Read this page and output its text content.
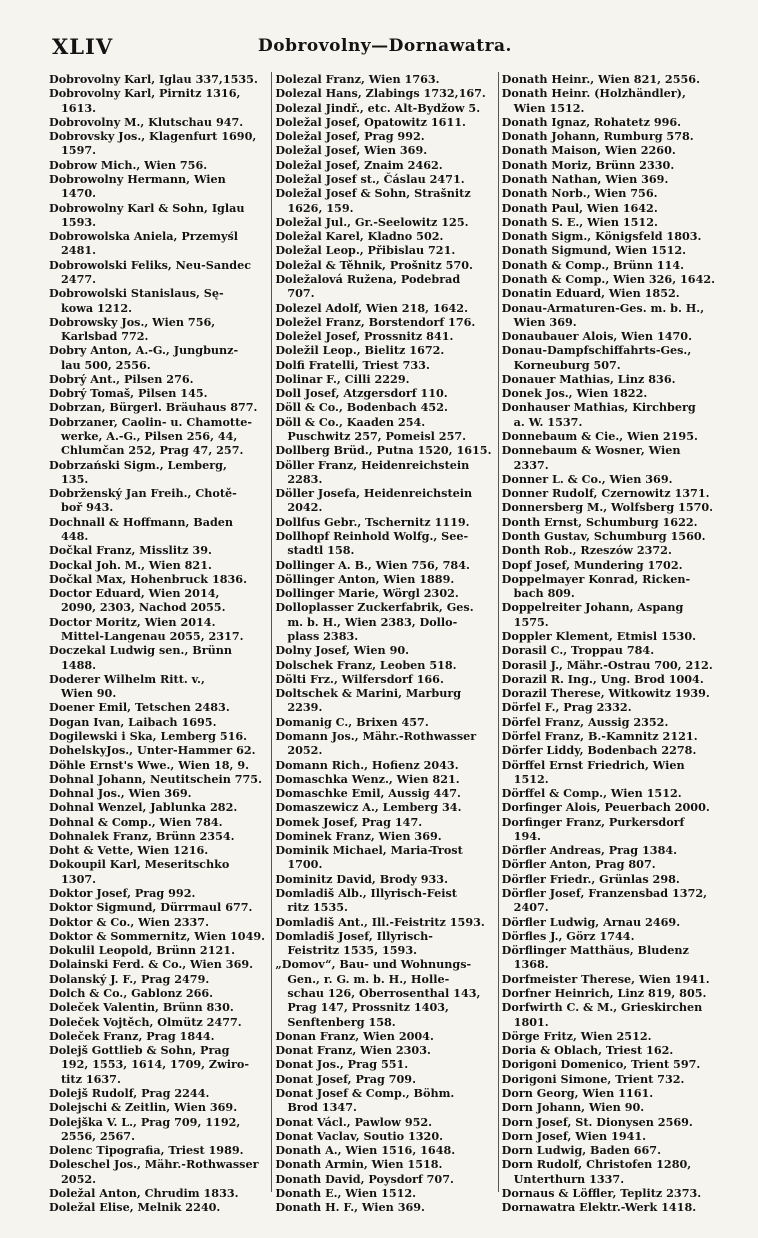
XLIV	Dobrovolny—Dornawatra.
Dobrovolny Karl, Iglau 337,1535.
Dobrovolny Karl, Pirnitz 1316,
1613.
Dobrovolny M., Klutschau 947.
Dobrovsky Jos., Klagenfurt 1690,
1597.
Dobrow Mich., Wien 756.
Dobrowolny Hermann, Wien
1470.
Dobrowolny Karl & Sohn, Iglau
1593.
Dobrowolska Aniela, Przemyśl
2481.
Dobrowolski Feliks, Neu-Sandec
2477.
Dobrowolski Stanislaus, Sę-
kowa 1212.
Dobrowsky Jos., Wien 756,
Karlsbad 772.
Dobry Anton, A.-G., Jungbunz-
lau 500, 2556.
Dobrý Ant., Pilsen 276.
Dobrý Tomaš, Pilsen 145.
Dobrzan, Bürgerl. Bräuhaus 877.
Dobrzaner, Caolin- u. Chamotte-
werke, A.-G., Pilsen 256, 44,
Chlumčan 252, Prag 47, 257.
Dobrzański Sigm., Lemberg,
135.
Dobrženský Jan Freih., Chotě-
boř 943.
Dochnall & Hoffmann, Baden
448.
Dočkal Franz, Misslitz 39.
Dockal Joh. M., Wien 821.
Dočkal Max, Hohenbruck 1836.
Doctor Eduard, Wien 2014,
2090, 2303, Nachod 2055.
Doctor Moritz, Wien 2014.
Mittel-Langenau 2055, 2317.
Doczekal Ludwig sen., Brünn
1488.
Doderer Wilhelm Ritt. v.,
Wien 90.
Doener Emil, Tetschen 2483.
Dogan Ivan, Laibach 1695.
Dogilewski i Ska, Lemberg 516.
DohelskyJos., Unter-Hammer 62.
Döhle Ernst's Wwe., Wien 18, 9.
Dohnal Johann, Neutitschein 775.
Dohnal Jos., Wien 369.
Dohnal Wenzel, Jablunka 282.
Dohnal & Comp., Wien 784.
Dohnalek Franz, Brünn 2354.
Doht & Vette, Wien 1216.
Dokoupil Karl, Meseritschko
1307.
Doktor Josef, Prag 992.
Doktor Sigmund, Dürrmaul 677.
Doktor & Co., Wien 2337.
Doktor & Sommernitz, Wien 1049.
Dokulil Leopold, Brünn 2121.
Dolainski Ferd. & Co., Wien 369.
Dolanský J. F., Prag 2479.
Dolch & Co., Gablonz 266.
Doleček Valentin, Brünn 830.
Doleček Vojtěch, Olmütz 2477.
Doleček Franz, Prag 1844.
Dolejš Gottlieb & Sohn, Prag
192, 1553, 1614, 1709, Zwiro-
titz 1637.
Dolejš Rudolf, Prag 2244.
Dolejschi & Zeitlin, Wien 369.
Dolejška V. L., Prag 709, 1192,
2556, 2567.
Dolenc Tipografia, Triest 1989.
Doleschel Jos., Mähr.-Rothwasser
2052.
Doležal Anton, Chrudim 1833.
Doležal Elise, Melnik 2240.
Dolezal Franz, Wien 1763.
Dolezal Hans, Zlabings 1732,167.
Dolezal Jindř., etc. Alt-Bydžow 5.
Doležal Josef, Opatowitz 1611.
Doležal Josef, Prag 992.
Doležal Josef, Wien 369.
Doležal Josef, Znaim 2462.
Doležal Josef st., Čáslau 2471.
Doležal Josef & Sohn, Strašnitz
1626, 159.
Doležal Jul., Gr.-Seelowitz 125.
Doležal Karel, Kladno 502.
Doležal Leop., Přibislau 721.
Doležal & Těhnik, Prošnitz 570.
Doležalová Ružena, Podebrad
707.
Dolezel Adolf, Wien 218, 1642.
Doležel Franz, Borstendorf 176.
Doležel Josef, Prossnitz 841.
Doležil Leop., Bielitz 1672.
Dolfi Fratelli, Triest 733.
Dolinar F., Cilli 2229.
Doll Josef, Atzgersdorf 110.
Döll & Co., Bodenbach 452.
Döll & Co., Kaaden 254.
Puschwitz 257, Pomeisl 257.
Dollberg Brüd., Putna 1520, 1615.
Döller Franz, Heidenreichstein
2283.
Döller Josefa, Heidenreichstein
2042.
Dollfus Gebr., Tschernitz 1119.
Dollhopf Reinhold Wolfg., See-
stadtl 158.
Dollinger A. B., Wien 756, 784.
Döllinger Anton, Wien 1889.
Dollinger Marie, Wörgl 2302.
Dolloplasser Zuckerfabrik, Ges.
m. b. H., Wien 2383, Dollo-
plass 2383.
Dolny Josef, Wien 90.
Dolschek Franz, Leoben 518.
Dölti Frz., Wilfersdorf 166.
Doltschek & Marini, Marburg
2239.
Domanig C., Brixen 457.
Domann Jos., Mähr.-Rothwasser
2052.
Domann Rich., Hofienz 2043.
Domaschka Wenz., Wien 821.
Domaschke Emil, Aussig 447.
Domaszewicz A., Lemberg 34.
Domek Josef, Prag 147.
Dominek Franz, Wien 369.
Dominik Michael, Maria-Trost
1700.
Dominitz David, Brody 933.
Domladiš Alb., Illyrisch-Feist
ritz 1535.
Domladiš Ant., Ill.-Feistritz 1593.
Domladiš Josef, Illyrisch-
Feistritz 1535, 1593.
„Domov“, Bau- und Wohnungs-
Gen., r. G. m. b. H., Holle-
schau 126, Oberrosenthal 143,
Prag 147, Prossnitz 1403,
Senftenberg 158.
Donan Franz, Wien 2004.
Donat Franz, Wien 2303.
Donat Jos., Prag 551.
Donat Josef, Prag 709.
Donat Josef & Comp., Böhm.
Brod 1347.
Donat Václ., Pawlow 952.
Donat Vaclav, Soutio 1320.
Donath A., Wien 1516, 1648.
Donath Armin, Wien 1518.
Donath David, Poysdorf 707.
Donath E., Wien 1512.
Donath H. F., Wien 369.
Donath Heinr., Wien 821, 2556.
Donath Heinr. (Holzhändler),
Wien 1512.
Donath Ignaz, Rohatetz 996.
Donath Johann, Rumburg 578.
Donath Maison, Wien 2260.
Donath Moriz, Brünn 2330.
Donath Nathan, Wien 369.
Donath Norb., Wien 756.
Donath Paul, Wien 1642.
Donath S. E., Wien 1512.
Donath Sigm., Königsfeld 1803.
Donath Sigmund, Wien 1512.
Donath & Comp., Brünn 114.
Donath & Comp., Wien 326, 1642.
Donatin Eduard, Wien 1852.
Donau-Armaturen-Ges. m. b. H.,
Wien 369.
Donaubauer Alois, Wien 1470.
Donau-Dampfschiffahrts-Ges.,
Korneuburg 507.
Donauer Mathias, Linz 836.
Donek Jos., Wien 1822.
Donhauser Mathias, Kirchberg
a. W. 1537.
Donnebaum & Cie., Wien 2195.
Donnebaum & Wosner, Wien
2337.
Donner L. & Co., Wien 369.
Donner Rudolf, Czernowitz 1371.
Donnersberg M., Wolfsberg 1570.
Donth Ernst, Schumburg 1622.
Donth Gustav, Schumburg 1560.
Donth Rob., Rzeszów 2372.
Dopf Josef, Mundering 1702.
Doppelmayer Konrad, Ricken-
bach 809.
Doppelreiter Johann, Aspang
1575.
Doppler Klement, Etmisl 1530.
Dorasil C., Troppau 784.
Dorasil J., Mähr.-Ostrau 700, 212.
Dorazil R. Ing., Ung. Brod 1004.
Dorazil Therese, Witkowitz 1939.
Dörfel F., Prag 2332.
Dörfel Franz, Aussig 2352.
Dörfel Franz, B.-Kamnitz 2121.
Dörfer Liddy, Bodenbach 2278.
Dörffel Ernst Friedrich, Wien
1512.
Dörffel & Comp., Wien 1512.
Dorfinger Alois, Peuerbach 2000.
Dorfinger Franz, Purkersdorf
194.
Dörfler Andreas, Prag 1384.
Dörfler Anton, Prag 807.
Dörfler Friedr., Grünlas 298.
Dörfler Josef, Franzensbad 1372,
2407.
Dörfler Ludwig, Arnau 2469.
Dörfles J., Görz 1744.
Dörflinger Matthäus, Bludenz
1368.
Dorfmeister Therese, Wien 1941.
Dorfner Heinrich, Linz 819, 805.
Dorfwirth C. & M., Grieskirchen
1801.
Dörge Fritz, Wien 2512.
Doria & Oblach, Triest 162.
Dorigoni Domenico, Trient 597.
Dorigoni Simone, Trient 732.
Dorn Georg, Wien 1161.
Dorn Johann, Wien 90.
Dorn Josef, St. Dionysen 2569.
Dorn Josef, Wien 1941.
Dorn Ludwig, Baden 667.
Dorn Rudolf, Christofen 1280,
Unterthurn 1337.
Dornaus & Löffler, Teplitz 2373.
Dornawatra Elektr.-Werk 1418.
